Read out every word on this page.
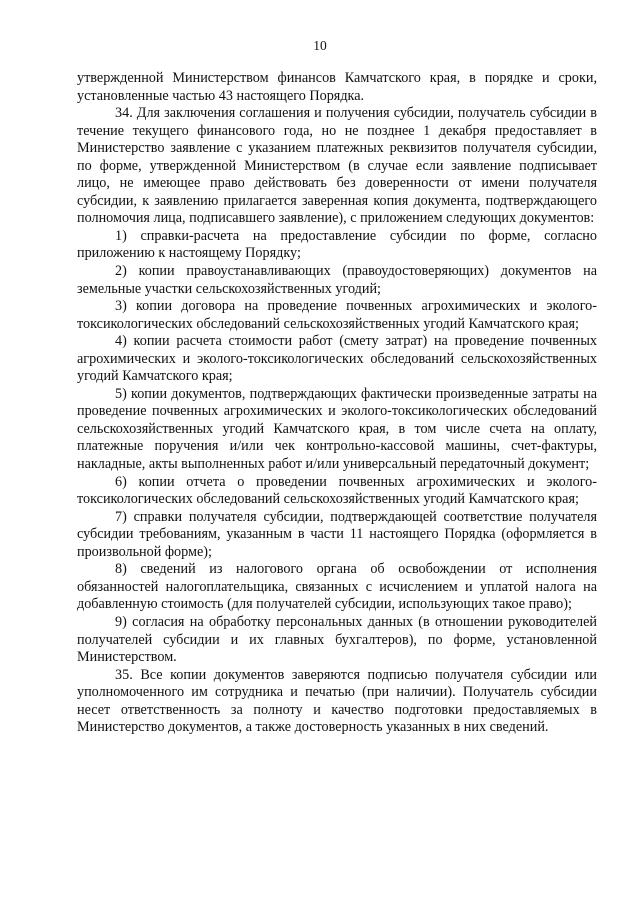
10

утвержденной Министерством финансов Камчатского края, в порядке и сроки, установленные частью 43 настоящего Порядка.

34. Для заключения соглашения и получения субсидии, получатель субсидии в течение текущего финансового года, но не позднее 1 декабря предоставляет в Министерство заявление с указанием платежных реквизитов получателя субсидии, по форме, утвержденной Министерством (в случае если заявление подписывает лицо, не имеющее право действовать без доверенности от имени получателя субсидии, к заявлению прилагается заверенная копия документа, подтверждающего полномочия лица, подписавшего заявление), с приложением следующих документов:

1) справки-расчета на предоставление субсидии по форме, согласно приложению к настоящему Порядку;

2) копии правоустанавливающих (правоудостоверяющих) документов на земельные участки сельскохозяйственных угодий;

3) копии договора на проведение почвенных агрохимических и эколого-токсикологических обследований сельскохозяйственных угодий Камчатского края;

4) копии расчета стоимости работ (смету затрат) на проведение почвенных агрохимических и эколого-токсикологических обследований сельскохозяйственных угодий Камчатского края;

5) копии документов, подтверждающих фактически произведенные затраты на проведение почвенных агрохимических и эколого-токсикологических обследований сельскохозяйственных угодий Камчатского края, в том числе счета на оплату, платежные поручения и/или чек контрольно-кассовой машины, счет-фактуры, накладные, акты выполненных работ и/или универсальный передаточный документ;

6) копии отчета о проведении почвенных агрохимических и эколого-токсикологических обследований сельскохозяйственных угодий Камчатского края;

7) справки получателя субсидии, подтверждающей соответствие получателя субсидии требованиям, указанным в части 11 настоящего Порядка (оформляется в произвольной форме);

8) сведений из налогового органа об освобождении от исполнения обязанностей налогоплательщика, связанных с исчислением и уплатой налога на добавленную стоимость (для получателей субсидии, использующих такое право);

9) согласия на обработку персональных данных (в отношении руководителей получателей субсидии и их главных бухгалтеров), по форме, установленной Министерством.

35. Все копии документов заверяются подписью получателя субсидии или уполномоченного им сотрудника и печатью (при наличии). Получатель субсидии несет ответственность за полноту и качество подготовки предоставляемых в Министерство документов, а также достоверность указанных в них сведений.
